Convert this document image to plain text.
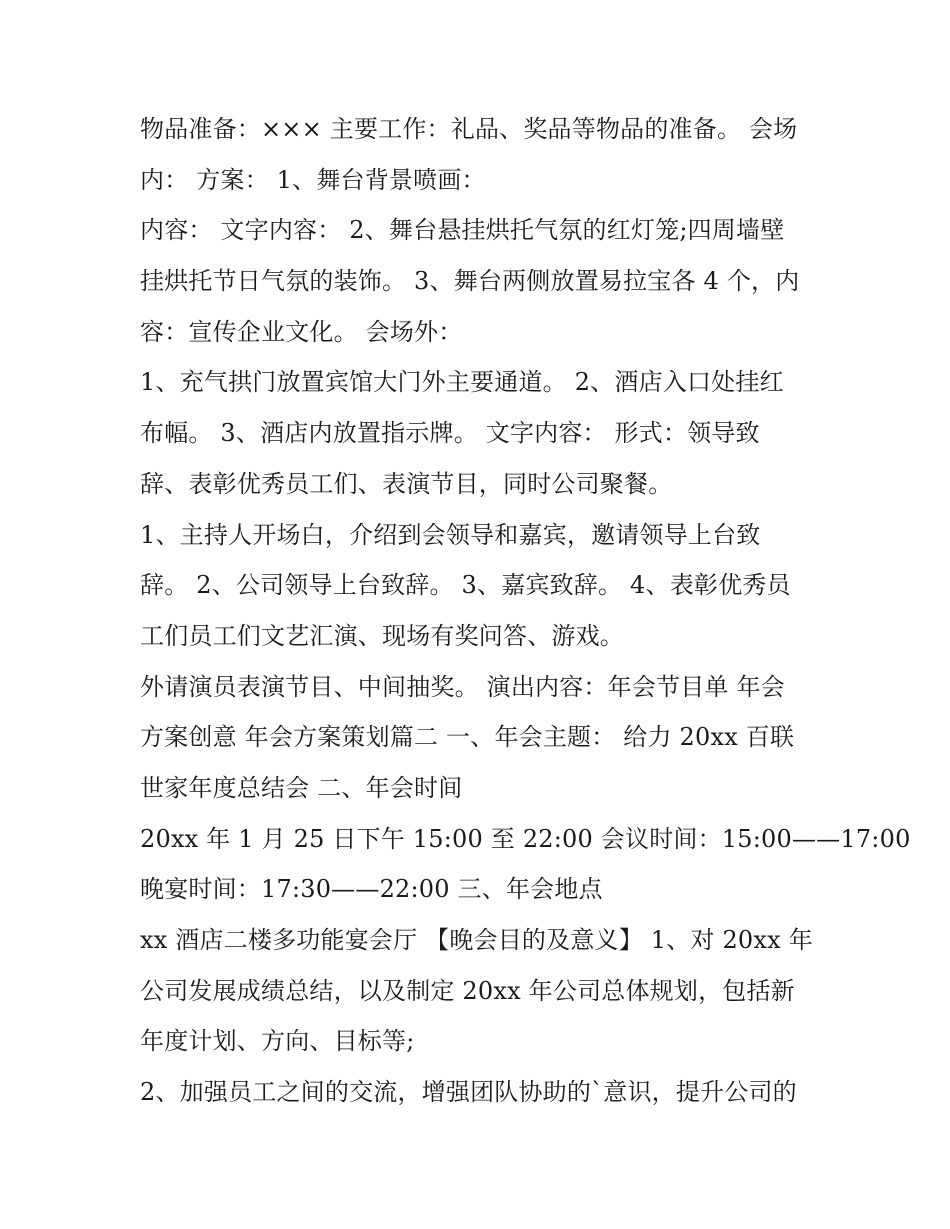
物品准备：××× 主要工作：礼品、奖品等物品的准备。 会场
内： 方案： 1、舞台背景喷画：
内容： 文字内容： 2、舞台悬挂烘托气氛的红灯笼;四周墙壁
挂烘托节日气氛的装饰。 3、舞台两侧放置易拉宝各 4 个，内
容：宣传企业文化。 会场外：
1、充气拱门放置宾馆大门外主要通道。 2、酒店入口处挂红
布幅。 3、酒店内放置指示牌。 文字内容： 形式：领导致
辞、表彰优秀员工们、表演节目，同时公司聚餐。
1、主持人开场白，介绍到会领导和嘉宾，邀请领导上台致
辞。 2、公司领导上台致辞。 3、嘉宾致辞。 4、表彰优秀员
工们员工们文艺汇演、现场有奖问答、游戏。
外请演员表演节目、中间抽奖。 演出内容：年会节目单 年会
方案创意 年会方案策划篇二 一、年会主题： 给力 20xx 百联
世家年度总结会 二、年会时间
20xx 年 1 月 25 日下午 15:00 至 22:00 会议时间：15:00——17:00
晚宴时间：17:30——22:00 三、年会地点
xx 酒店二楼多功能宴会厅 【晚会目的及意义】 1、对 20xx 年
公司发展成绩总结，以及制定 20xx 年公司总体规划，包括新
年度计划、方向、目标等;
2、加强员工之间的交流，增强团队协助的`意识，提升公司的
